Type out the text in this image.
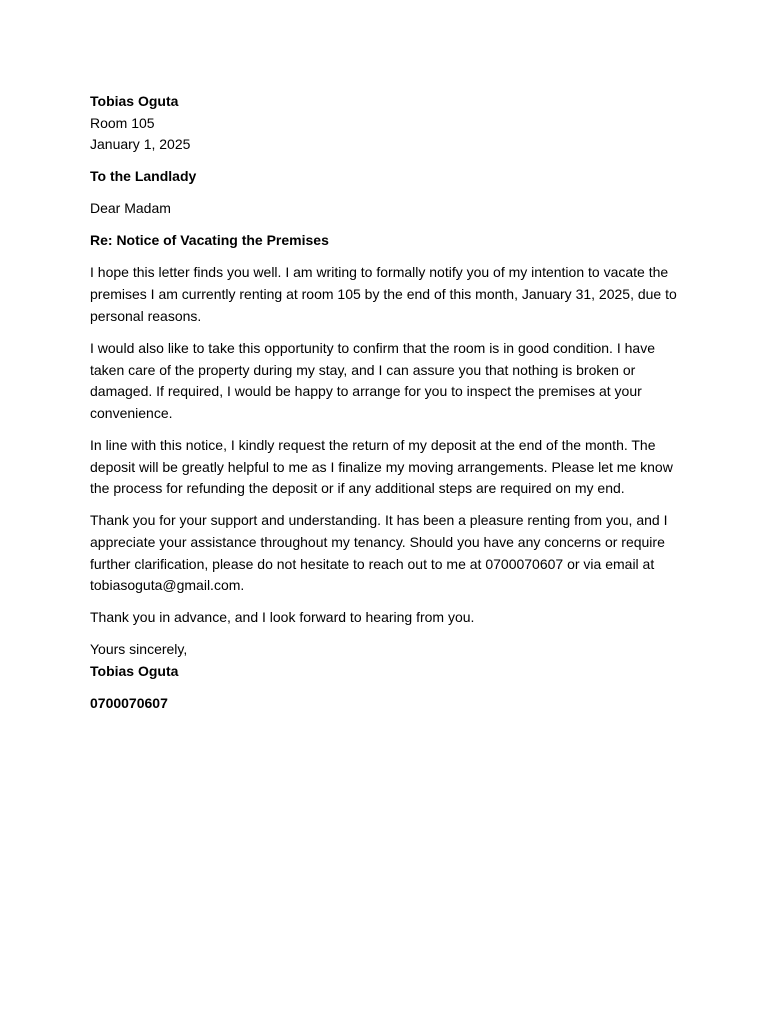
Tobias Oguta

Room 105

January 1, 2025

To the Landlady

Dear Madam

Re: Notice of Vacating the Premises

I hope this letter finds you well. I am writing to formally notify you of my intention to vacate the premises I am currently renting at room 105 by the end of this month, January 31, 2025, due to personal reasons.

I would also like to take this opportunity to confirm that the room is in good condition. I have taken care of the property during my stay, and I can assure you that nothing is broken or damaged. If required, I would be happy to arrange for you to inspect the premises at your convenience.

In line with this notice, I kindly request the return of my deposit at the end of the month. The deposit will be greatly helpful to me as I finalize my moving arrangements. Please let me know the process for refunding the deposit or if any additional steps are required on my end.

Thank you for your support and understanding. It has been a pleasure renting from you, and I appreciate your assistance throughout my tenancy. Should you have any concerns or require further clarification, please do not hesitate to reach out to me at 0700070607 or via email at tobiasoguta@gmail.com.

Thank you in advance, and I look forward to hearing from you.

Yours sincerely,

Tobias Oguta

0700070607
